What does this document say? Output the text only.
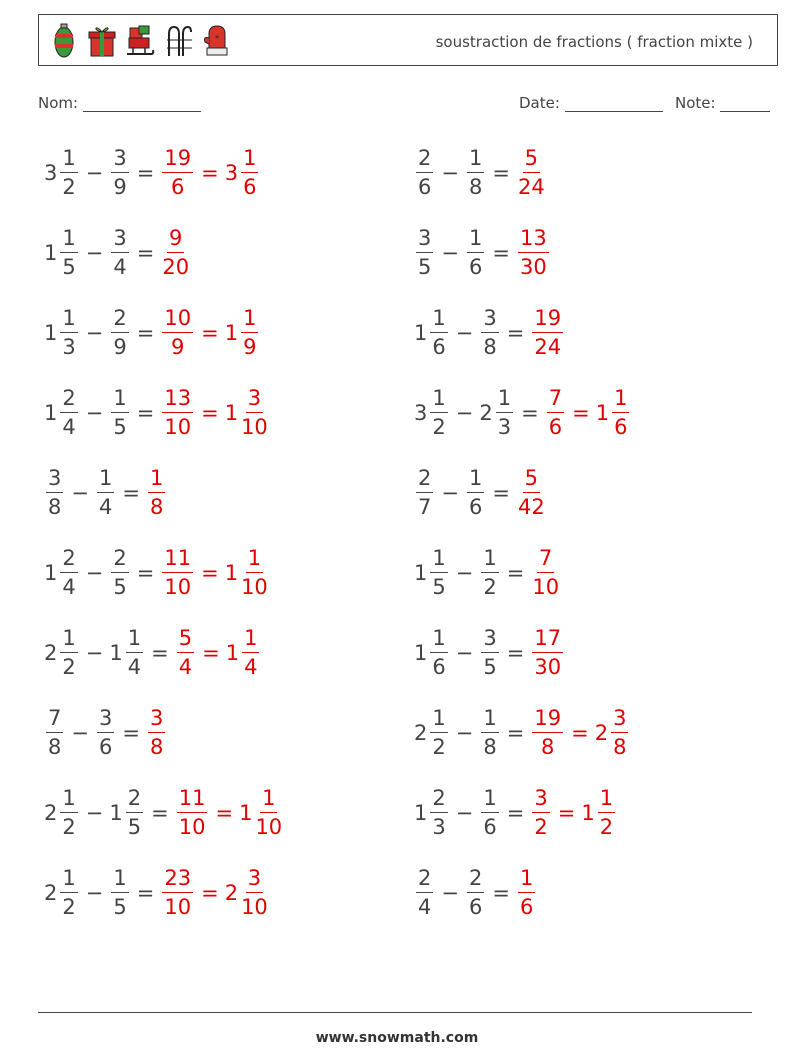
*	soustraction de fractions ( fraction mixte )
Nom:	Date:	Note:
$3 \frac{1}{2} - \frac{3}{9} = \frac{19}{6} = 3 \frac{1}{6}$	$\frac{2}{6} - \frac{1}{8} = \frac{5}{24}$
$1 \frac{1}{5} - \frac{3}{4} = \frac{9}{20}$	$\frac{3}{5} - \frac{1}{6} = \frac{13}{30}$
$1 \frac{1}{3} - \frac{2}{9} = \frac{10}{9} = 1 \frac{1}{9}$	$1 \frac{1}{6} - \frac{3}{8} = \frac{19}{24}$
$1 \frac{2}{4} - \frac{1}{5} = \frac{13}{10} = 1 \frac{3}{10}$	$3 \frac{1}{2} - 2 \frac{1}{3} = \frac{7}{6} = 1 \frac{1}{6}$
$\frac{3}{8} - \frac{1}{4} = \frac{1}{8}$	$\frac{2}{7} - \frac{1}{6} = \frac{5}{42}$
$1 \frac{2}{4} - \frac{2}{5} = \frac{11}{10} = 1 \frac{1}{10}$	$1 \frac{1}{5} - \frac{1}{2} = \frac{7}{10}$
$2 \frac{1}{2} - 1 \frac{1}{4} = \frac{5}{4} = 1 \frac{1}{4}$	$1 \frac{1}{6} - \frac{3}{5} = \frac{17}{30}$
$\frac{7}{8} - \frac{3}{6} = \frac{3}{8}$	$2 \frac{1}{2} - \frac{1}{8} = \frac{19}{8} = 2 \frac{3}{8}$
$2 \frac{1}{2} - 1 \frac{2}{5} = \frac{11}{10} = 1 \frac{1}{10}$	$1 \frac{2}{3} - \frac{1}{6} = \frac{3}{2} = 1 \frac{1}{2}$
$2 \frac{1}{2} - \frac{1}{5} = \frac{23}{10} = 2 \frac{3}{10}$	$\frac{2}{4} - \frac{2}{6} = \frac{1}{6}$
www.snowmath.com
